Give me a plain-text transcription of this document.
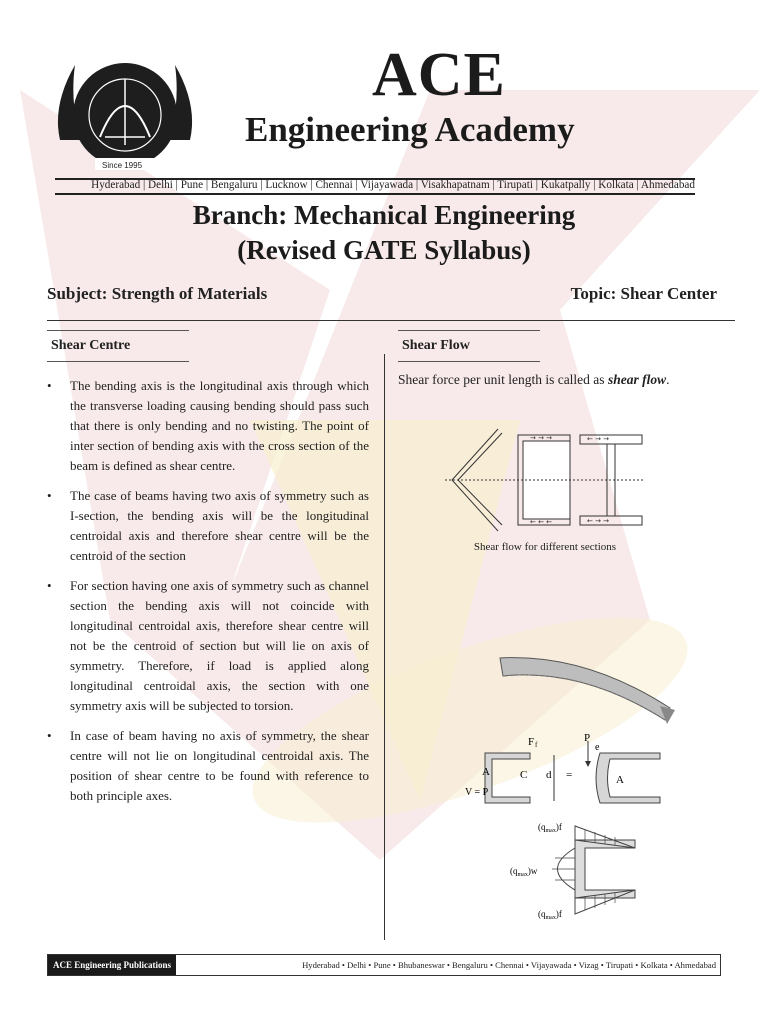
Since 1995
ACE
Engineering Academy
Hyderabad | Delhi | Pune | Bengaluru | Lucknow | Chennai | Vijayawada | Visakhapatnam | Tirupati | Kukatpally | Kolkata | Ahmedabad
Branch: Mechanical Engineering
(Revised GATE Syllabus)
Subject: Strength of Materials	Topic: Shear Center
Shear Centre	Shear Flow
• The bending axis is the longitudinal axis through which the transverse loading causing bending should pass such that there is only bending and no twisting. The point of inter section of bending axis with the cross section of the beam is defined as shear centre.
• The case of beams having two axis of symmetry such as I-section, the bending axis will be the longitudinal centroidal axis and therefore shear centre will be the centroid of the section
• For section having one axis of symmetry such as channel section the bending axis will not coincide with longitudinal centroidal axis, therefore shear centre will not be the centroid of section but will lie on axis of symmetry. Therefore, if load is applied along longitudinal centroidal axis, the section with one symmetry axis will be subjected to torsion.
• In case of beam having no axis of symmetry, the shear centre will not lie on longitudinal centroidal axis. The position of shear centre to be found with reference to both principle axes.
Shear force per unit length is called as shear flow.
→ → →
← ← ←
← → →
← → →
Shear flow for different sections
F f
A	C d
V = P
=
P
e
A
$(q_{max})f$
$(q_{max})w$
$(q_{max})f$
ACE Engineering Publications	Hyderabad • Delhi • Pune • Bhubaneswar • Bengaluru • Chennai • Vijayawada • Vizag • Tirupati • Kolkata • Ahmedabad
